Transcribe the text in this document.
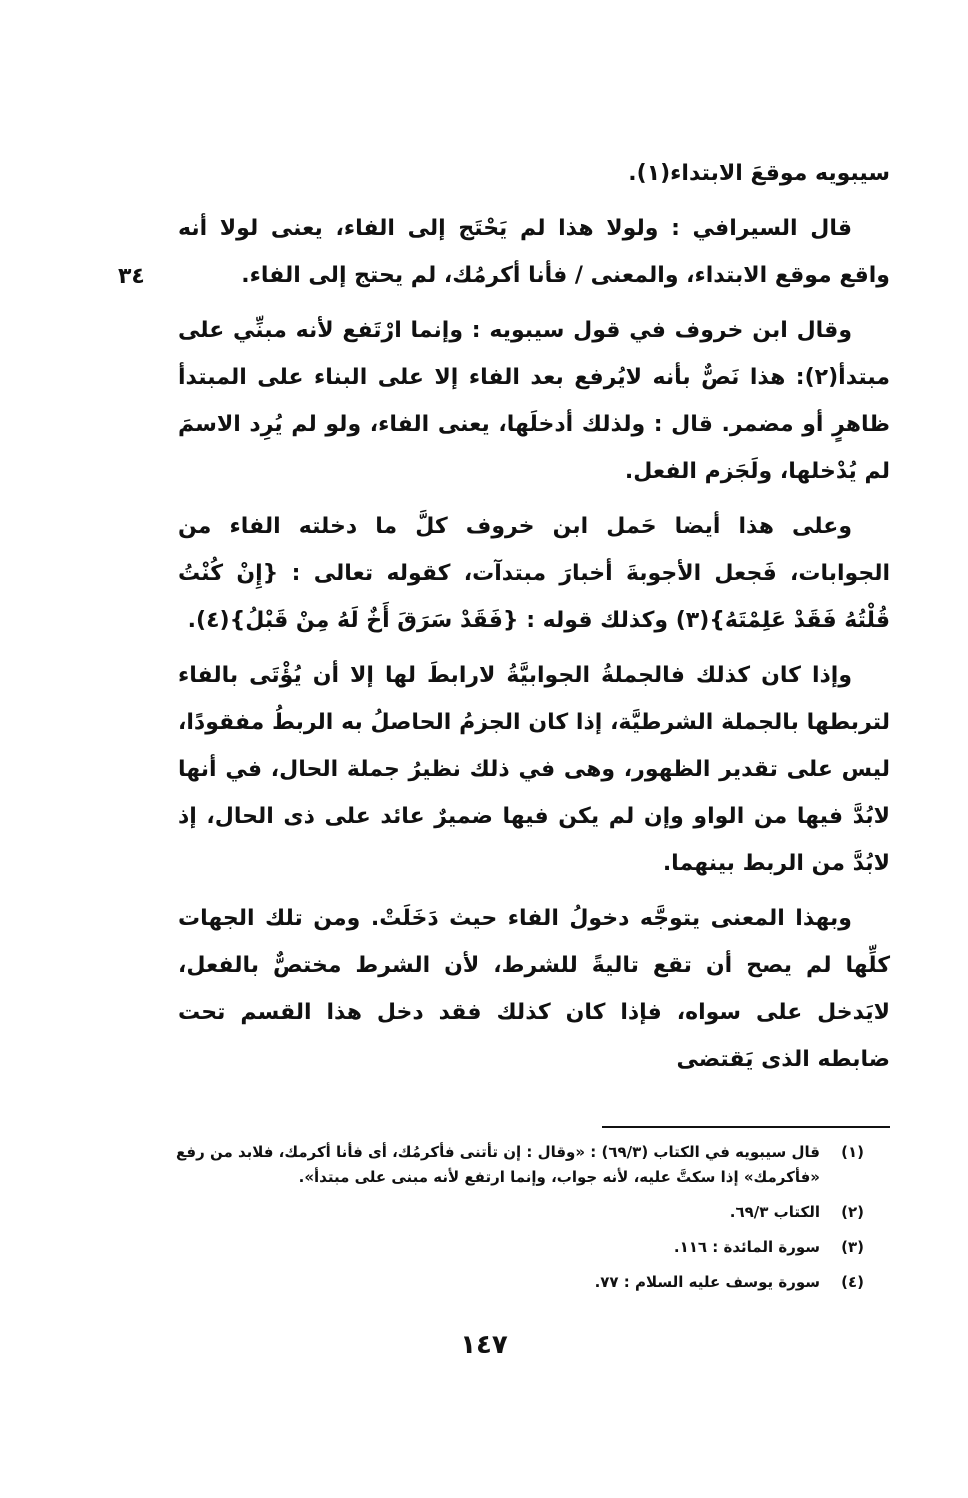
٣٤

سيبويه موقعَ الابتداء(١).

قال السيرافي : ولولا هذا لم يَحْتَج إلى الفاء، يعنى لولا أنه واقع موقع الابتداء، والمعنى / فأنا أكرمُك، لم يحتج إلى الفاء.

وقال ابن خروف في قول سيبويه : وإنما ارْتَفع لأنه مبنِّي على مبتدأ(٢): هذا نَصٌّ بأنه لايُرفع بعد الفاء إلا على البناء على المبتدأ ظاهرٍ أو مضمر. قال : ولذلك أدخلَها، يعنى الفاء، ولو لم يُرِد الاسمَ لم يُدْخلها، ولَجَزم الفعل.

وعلى هذا أيضا حَمل ابن خروف كلَّ ما دخلته الفاء من الجوابات، فَجعل الأجوبةَ أخبارَ مبتدآت، كقوله تعالى : {إِنْ كُنْتُ قُلْتُهُ فَقَدْ عَلِمْتَهُ}(٣) وكذلك قوله : {فَقَدْ سَرَقَ أَخٌ لَهُ مِنْ قَبْلُ}(٤).

وإذا كان كذلك فالجملةُ الجوابيَّةُ لارابطَ لها إلا أن يُؤْتَى بالفاء لتربطها بالجملة الشرطيَّة، إذا كان الجزمُ الحاصلُ به الربطُ مفقودًا، ليس على تقدير الظهور، وهى في ذلك نظيرُ جملة الحال، في أنها لابُدَّ فيها من الواو وإن لم يكن فيها ضميرٌ عائد على ذى الحال، إذ لابُدَّ من الربط بينهما.

وبهذا المعنى يتوجَّه دخولُ الفاء حيث دَخَلَتْ. ومن تلك الجهات كلِّها لم يصح أن تقع تاليةً للشرط، لأن الشرط مختصٌّ بالفعل، لايَدخل على سواه، فإذا كان كذلك فقد دخل هذا القسم تحت ضابطه الذى يَقتضى

(١)
قال سيبويه في الكتاب (٦٩/٣) : «وقال : إن تأتنى فأكرمُك، أى فأنا أكرمك، فلابد من رفع «فأكرمك» إذا سكتَّ عليه، لأنه جواب، وإنما ارتفع لأنه مبنى على مبتدأ».
(٢)
الكتاب ٦٩/٣.
(٣)
سورة المائدة : ١١٦.
(٤)
سورة يوسف عليه السلام : ٧٧.
١٤٧
